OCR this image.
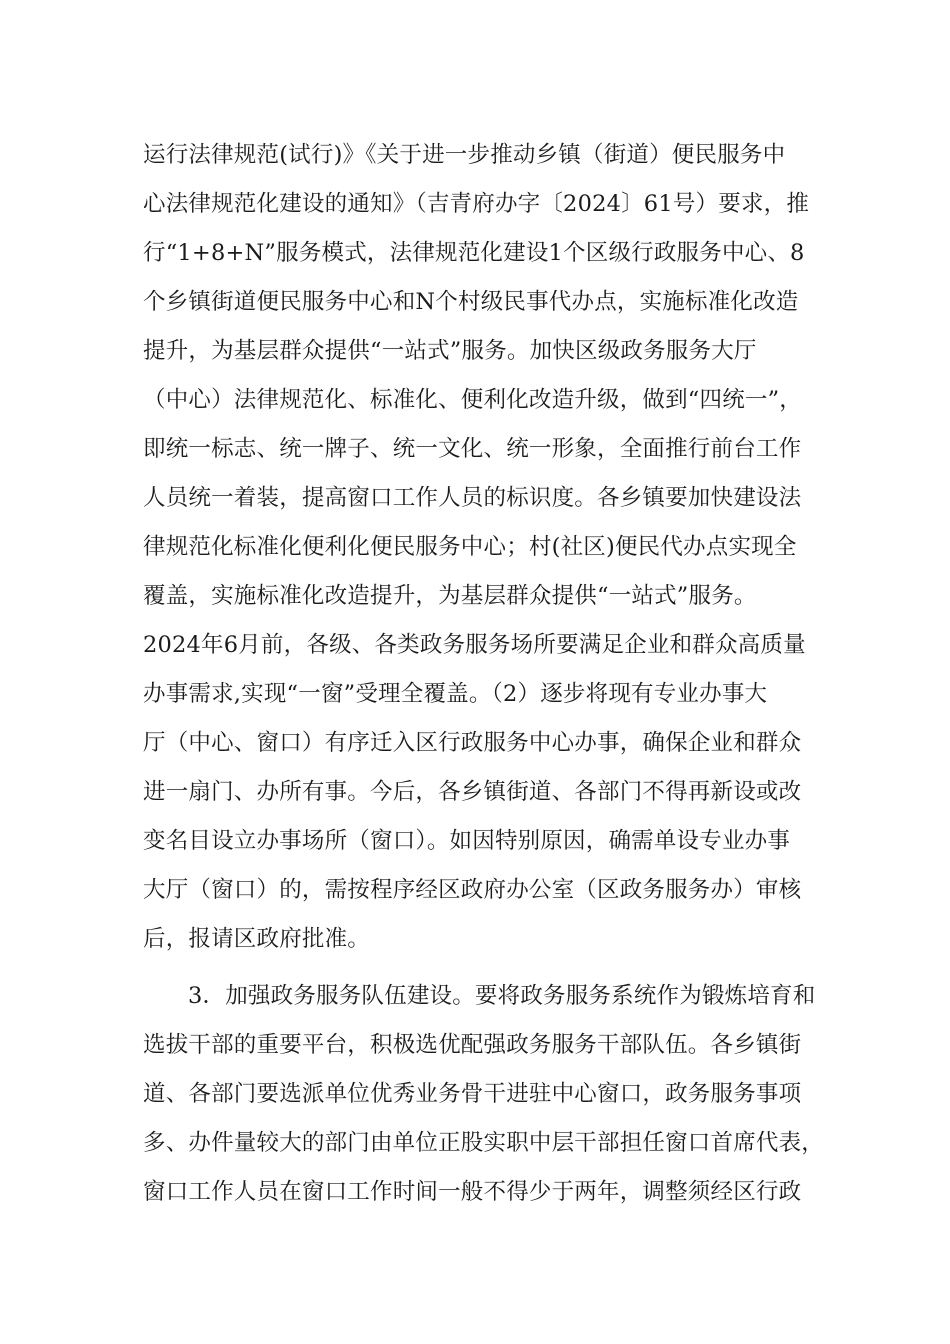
运行法律规范(试行)》《关于进一步推动乡镇（街道）便民服务中
心法律规范化建设的通知》（吉青府办字〔2024〕61号）要求，推
行“1+8+N”服务模式，法律规范化建设1个区级行政服务中心、8
个乡镇街道便民服务中心和N个村级民事代办点，实施标准化改造
提升，为基层群众提供“一站式”服务。加快区级政务服务大厅
（中心）法律规范化、标准化、便利化改造升级，做到“四统一”，
即统一标志、统一牌子、统一文化、统一形象，全面推行前台工作
人员统一着装，提高窗口工作人员的标识度。各乡镇要加快建设法
律规范化标准化便利化便民服务中心；村(社区)便民代办点实现全
覆盖，实施标准化改造提升，为基层群众提供“一站式”服务。
2024年6月前，各级、各类政务服务场所要满足企业和群众高质量
办事需求,实现“一窗”受理全覆盖。（2）逐步将现有专业办事大
厅（中心、窗口）有序迁入区行政服务中心办事，确保企业和群众
进一扇门、办所有事。今后，各乡镇街道、各部门不得再新设或改
变名目设立办事场所（窗口）。如因特别原因，确需单设专业办事
大厅（窗口）的，需按程序经区政府办公室（区政务服务办）审核
后，报请区政府批准。
3．加强政务服务队伍建设。要将政务服务系统作为锻炼培育和
选拔干部的重要平台，积极选优配强政务服务干部队伍。各乡镇街
道、各部门要选派单位优秀业务骨干进驻中心窗口，政务服务事项
多、办件量较大的部门由单位正股实职中层干部担任窗口首席代表，
窗口工作人员在窗口工作时间一般不得少于两年，调整须经区行政
